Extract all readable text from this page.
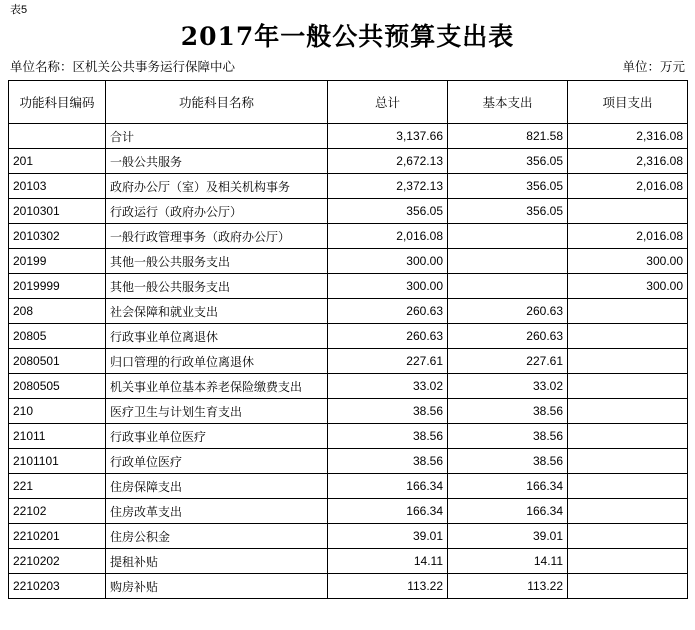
表5
2017年一般公共预算支出表
单位名称：区机关公共事务运行保障中心	单位：万元
功能科目编码	功能科目名称	总计	基本支出	项目支出
	合计	3,137.66	821.58	2,316.08
201	一般公共服务	2,672.13	356.05	2,316.08
20103	政府办公厅（室）及相关机构事务	2,372.13	356.05	2,016.08
2010301	行政运行（政府办公厅）	356.05	356.05	
2010302	一般行政管理事务（政府办公厅）	2,016.08		2,016.08
20199	其他一般公共服务支出	300.00		300.00
2019999	其他一般公共服务支出	300.00		300.00
208	社会保障和就业支出	260.63	260.63	
20805	行政事业单位离退休	260.63	260.63	
2080501	归口管理的行政单位离退休	227.61	227.61	
2080505	机关事业单位基本养老保险缴费支出	33.02	33.02	
210	医疗卫生与计划生育支出	38.56	38.56	
21011	行政事业单位医疗	38.56	38.56	
2101101	行政单位医疗	38.56	38.56	
221	住房保障支出	166.34	166.34	
22102	住房改革支出	166.34	166.34	
2210201	住房公积金	39.01	39.01	
2210202	提租补贴	14.11	14.11	
2210203	购房补贴	113.22	113.22	
